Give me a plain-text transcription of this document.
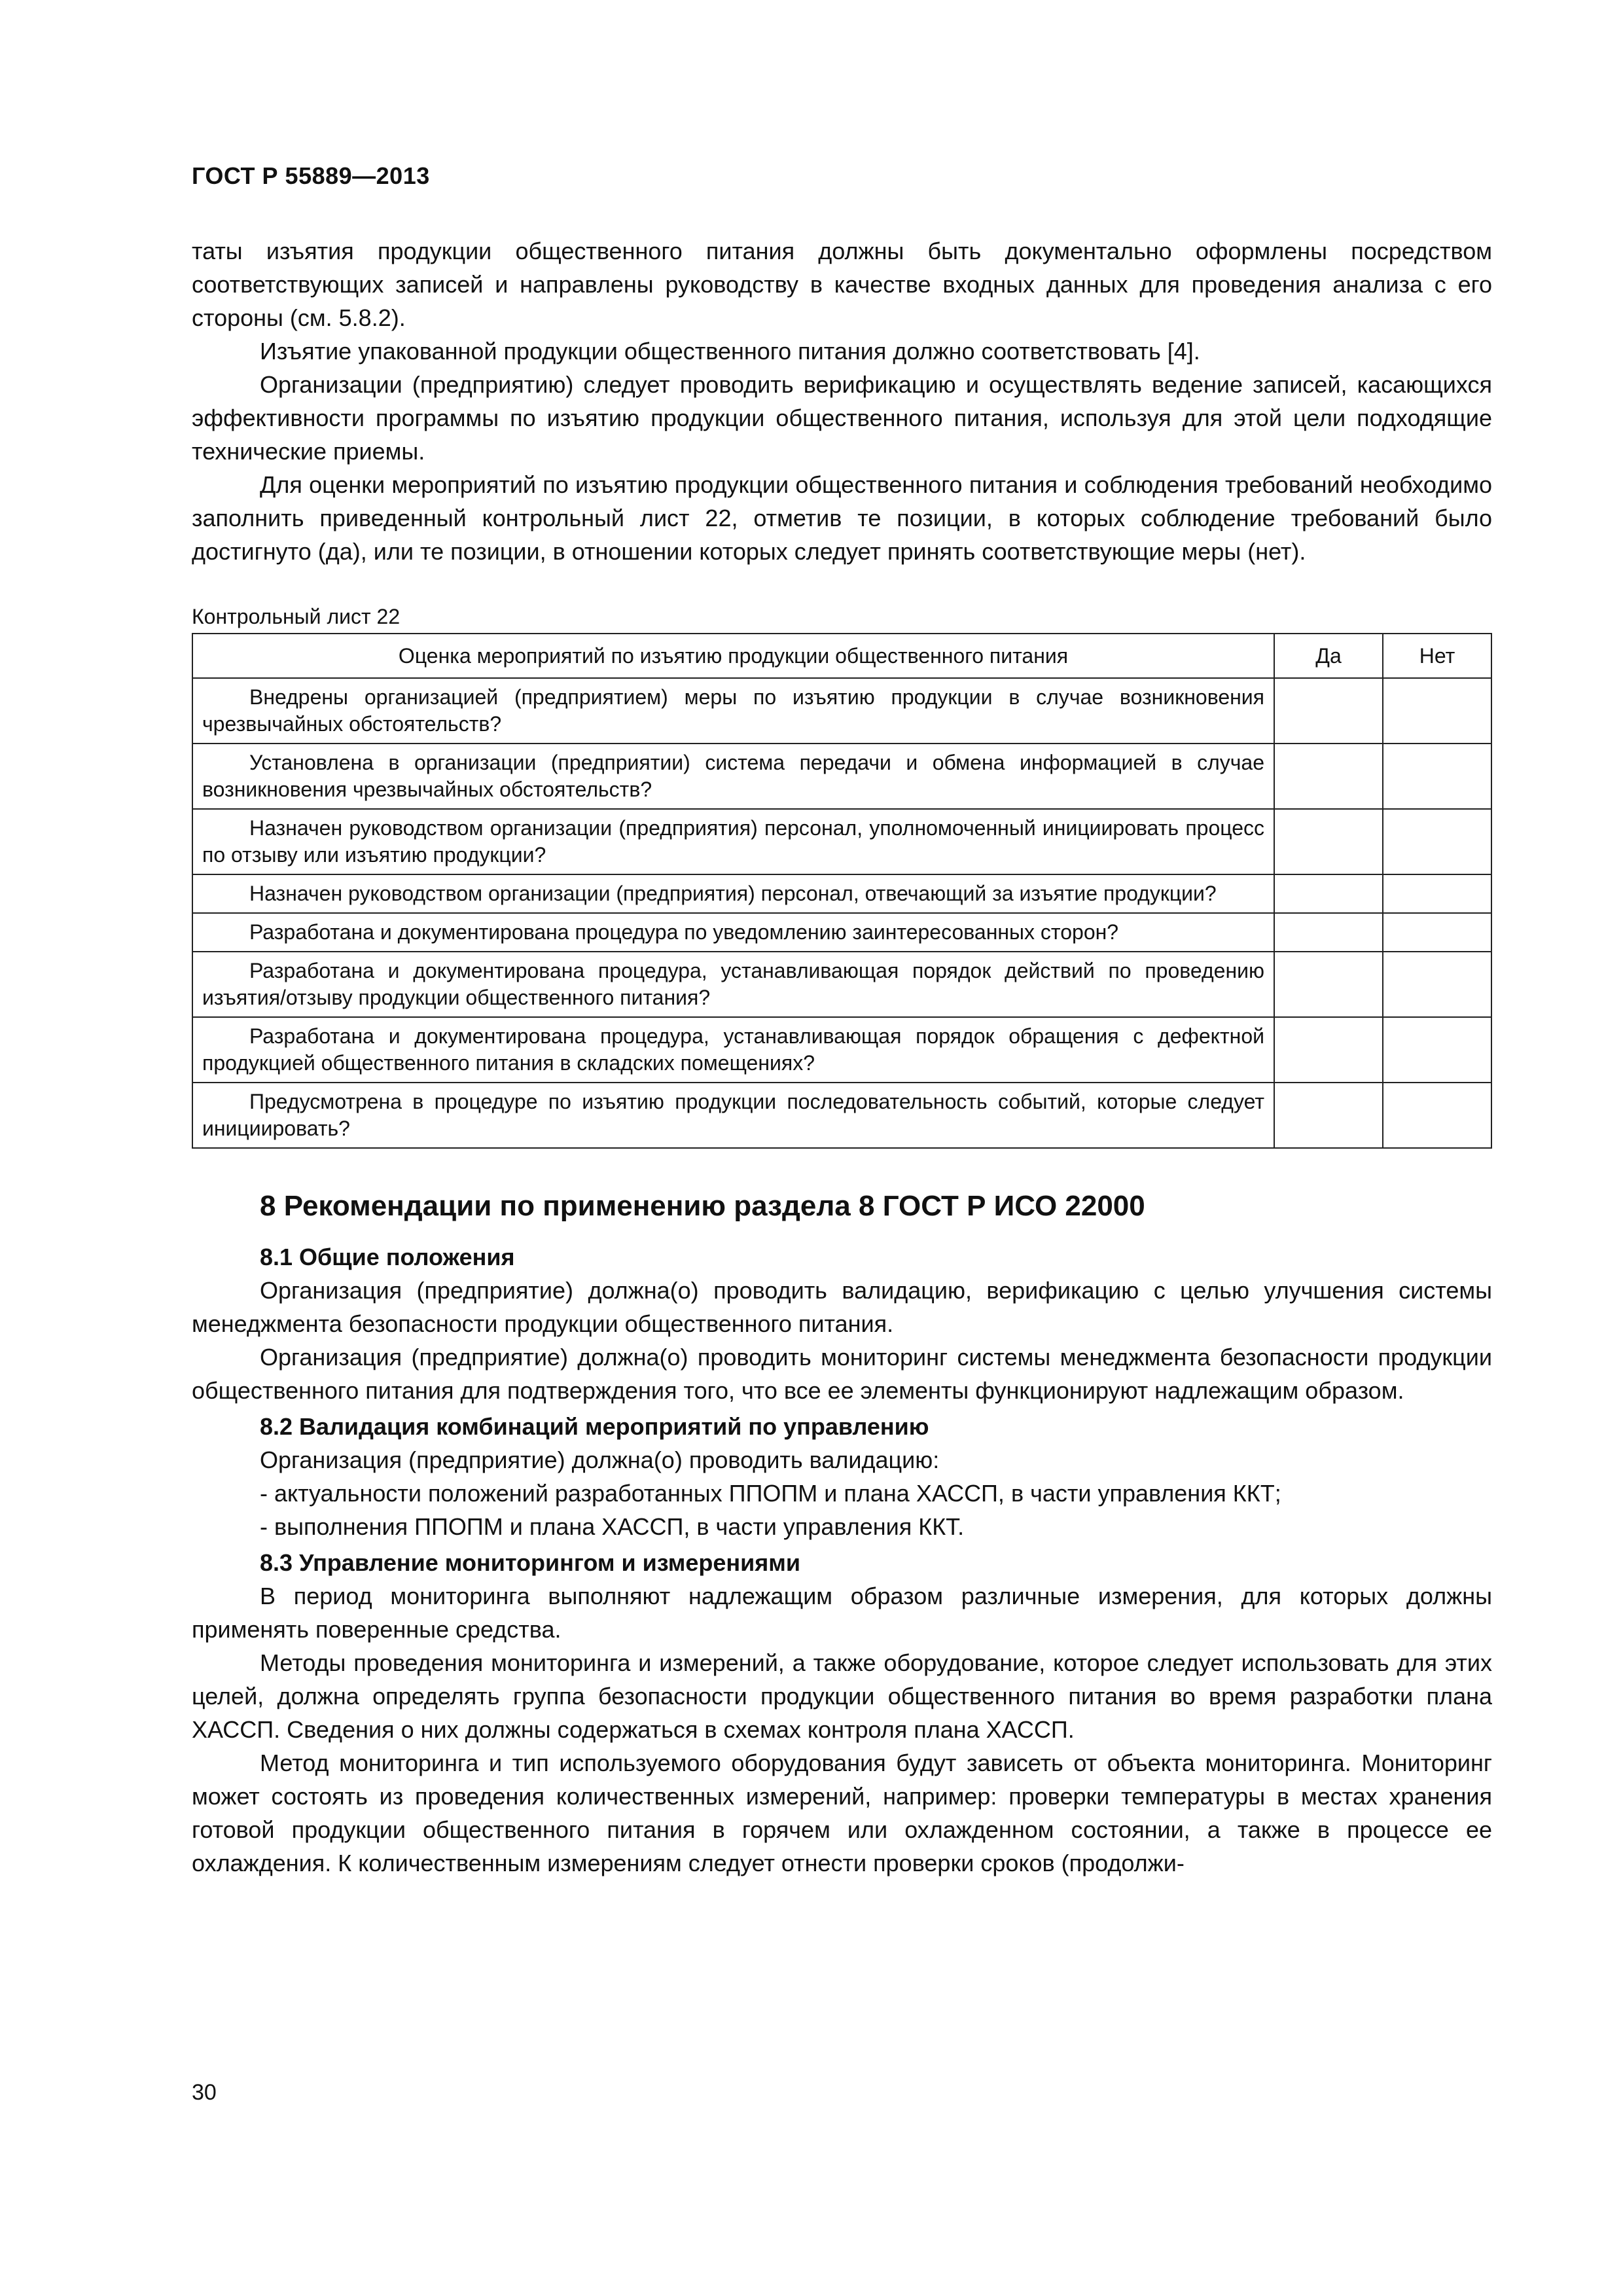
ГОСТ Р 55889—2013

таты изъятия продукции общественного питания должны быть документально оформлены посредством соответствующих записей и направлены руководству в качестве входных данных для проведения анализа с его стороны (см. 5.8.2).

Изъятие упакованной продукции общественного питания должно соответствовать [4].

Организации (предприятию) следует проводить верификацию и осуществлять ведение записей, касающихся эффективности программы по изъятию продукции общественного питания, используя для этой цели подходящие технические приемы.

Для оценки мероприятий по изъятию продукции общественного питания и соблюдения требований необходимо заполнить приведенный контрольный лист 22, отметив те позиции, в которых соблюдение требований было достигнуто (да), или те позиции, в отношении которых следует принять соответствующие меры (нет).

Контрольный лист 22
Оценка мероприятий по изъятию продукции общественного питания	Да	Нет
Внедрены организацией (предприятием) меры по изъятию продукции в случае возникновения чрезвычайных обстоятельств?		
Установлена в организации (предприятии) система передачи и обмена информацией в случае возникновения чрезвычайных обстоятельств?		
Назначен руководством организации (предприятия) персонал, уполномоченный инициировать процесс по отзыву или изъятию продукции?		
Назначен руководством организации (предприятия) персонал, отвечающий за изъятие продукции?		
Разработана и документирована процедура по уведомлению заинтересованных сторон?		
Разработана и документирована процедура, устанавливающая порядок действий по проведению изъятия/отзыву продукции общественного питания?		
Разработана и документирована процедура, устанавливающая порядок обращения с дефектной продукцией общественного питания в складских помещениях?		
Предусмотрена в процедуре по изъятию продукции последовательность событий, которые следует инициировать?		
8 Рекомендации по применению раздела 8 ГОСТ Р ИСО 22000
8.1 Общие положения

Организация (предприятие) должна(о) проводить валидацию, верификацию с целью улучшения системы менеджмента безопасности продукции общественного питания.

Организация (предприятие) должна(о) проводить мониторинг системы менеджмента безопасности продукции общественного питания для подтверждения того, что все ее элементы функционируют надлежащим образом.

8.2 Валидация комбинаций мероприятий по управлению

Организация (предприятие) должна(о) проводить валидацию:

- актуальности положений разработанных ППОПМ и плана ХАССП, в части управления ККТ;
- выполнения ППОПМ и плана ХАССП, в части управления ККТ.
8.3 Управление мониторингом и измерениями

В период мониторинга выполняют надлежащим образом различные измерения, для которых должны применять поверенные средства.

Методы проведения мониторинга и измерений, а также оборудование, которое следует использовать для этих целей, должна определять группа безопасности продукции общественного питания во время разработки плана ХАССП. Сведения о них должны содержаться в схемах контроля плана ХАССП.

Метод мониторинга и тип используемого оборудования будут зависеть от объекта мониторинга. Мониторинг может состоять из проведения количественных измерений, например: проверки температуры в местах хранения готовой продукции общественного питания в горячем или охлажденном состоянии, а также в процессе ее охлаждения. К количественным измерениям следует отнести проверки сроков (продолжи-

30
